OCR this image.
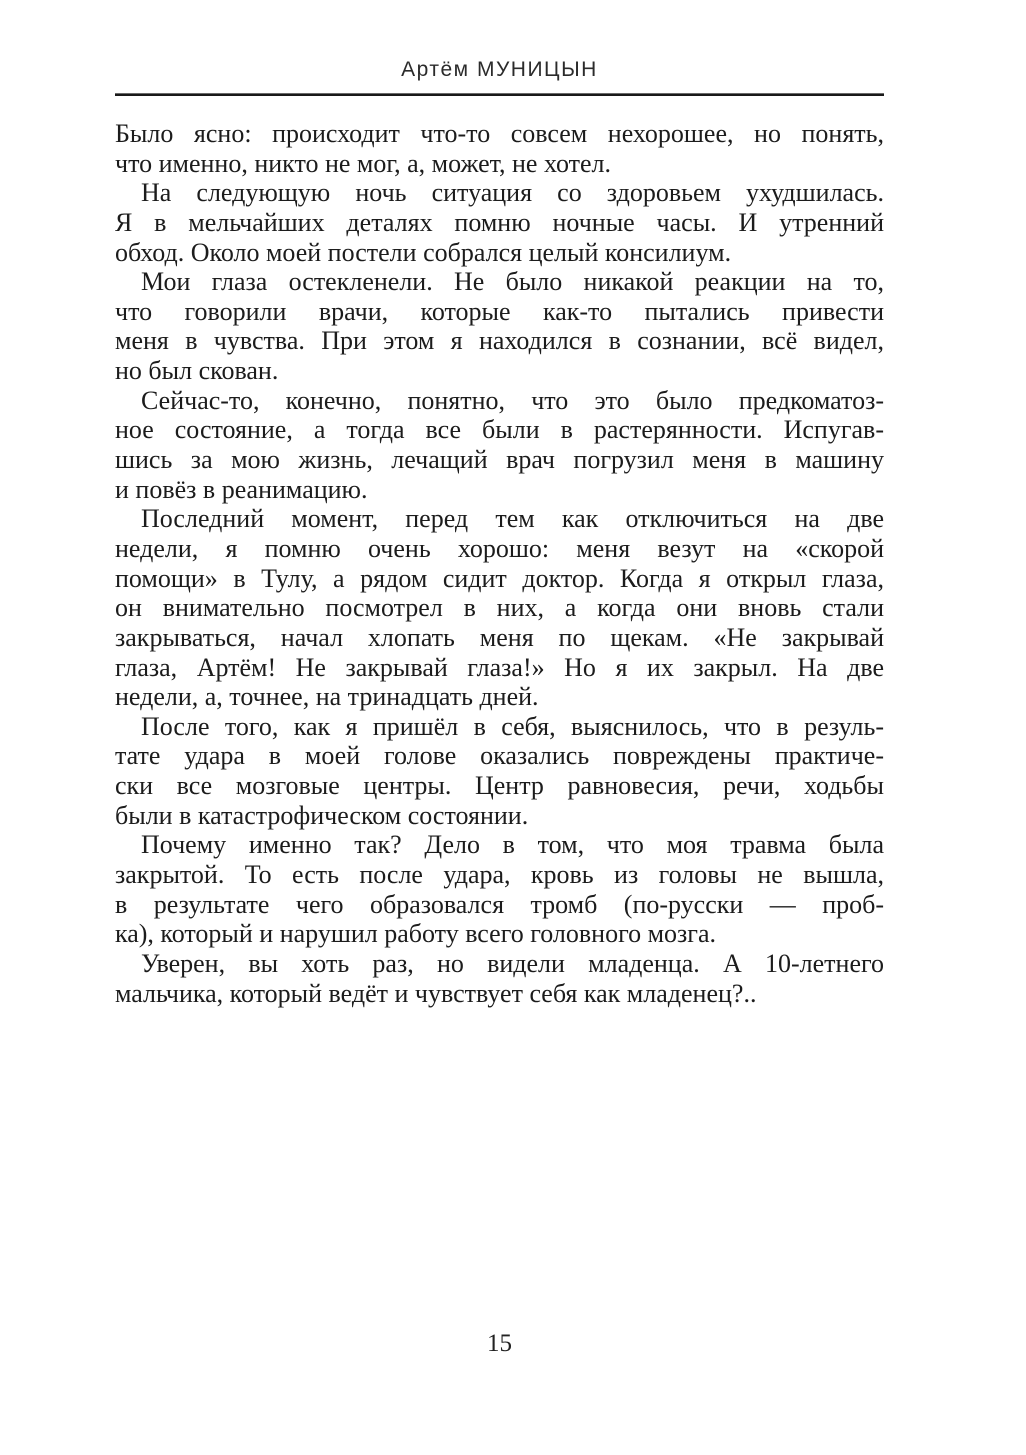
Артём МУНИЦЫН
Было ясно: происходит что-то совсем нехорошее, но понять,
что именно, никто не мог, а, может, не хотел.
На следующую ночь ситуация со здоровьем ухудшилась.
Я в мельчайших деталях помню ночные часы. И утренний
обход. Около моей постели собрался целый консилиум.
Мои глаза остекленели. Не было никакой реакции на то,
что говорили врачи, которые как-то пытались привести
меня в чувства. При этом я находился в сознании, всё видел,
но был скован.
Сейчас-то, конечно, понятно, что это было предкоматоз-
ное состояние, а тогда все были в растерянности. Испугав-
шись за мою жизнь, лечащий врач погрузил меня в машину
и повёз в реанимацию.
Последний момент, перед тем как отключиться на две
недели, я помню очень хорошо: меня везут на «скорой
помощи» в Тулу, а рядом сидит доктор. Когда я открыл глаза,
он внимательно посмотрел в них, а когда они вновь стали
закрываться, начал хлопать меня по щекам. «Не закрывай
глаза, Артём! Не закрывай глаза!» Но я их закрыл. На две
недели, а, точнее, на тринадцать дней.
После того, как я пришёл в себя, выяснилось, что в резуль-
тате удара в моей голове оказались повреждены практиче-
ски все мозговые центры. Центр равновесия, речи, ходьбы
были в катастрофическом состоянии.
Почему именно так? Дело в том, что моя травма была
закрытой. То есть после удара, кровь из головы не вышла,
в результате чего образовался тромб (по-русски — проб-
ка), который и нарушил работу всего головного мозга.
Уверен, вы хоть раз, но видели младенца. А 10-летнего
мальчика, который ведёт и чувствует себя как младенец?..
15
